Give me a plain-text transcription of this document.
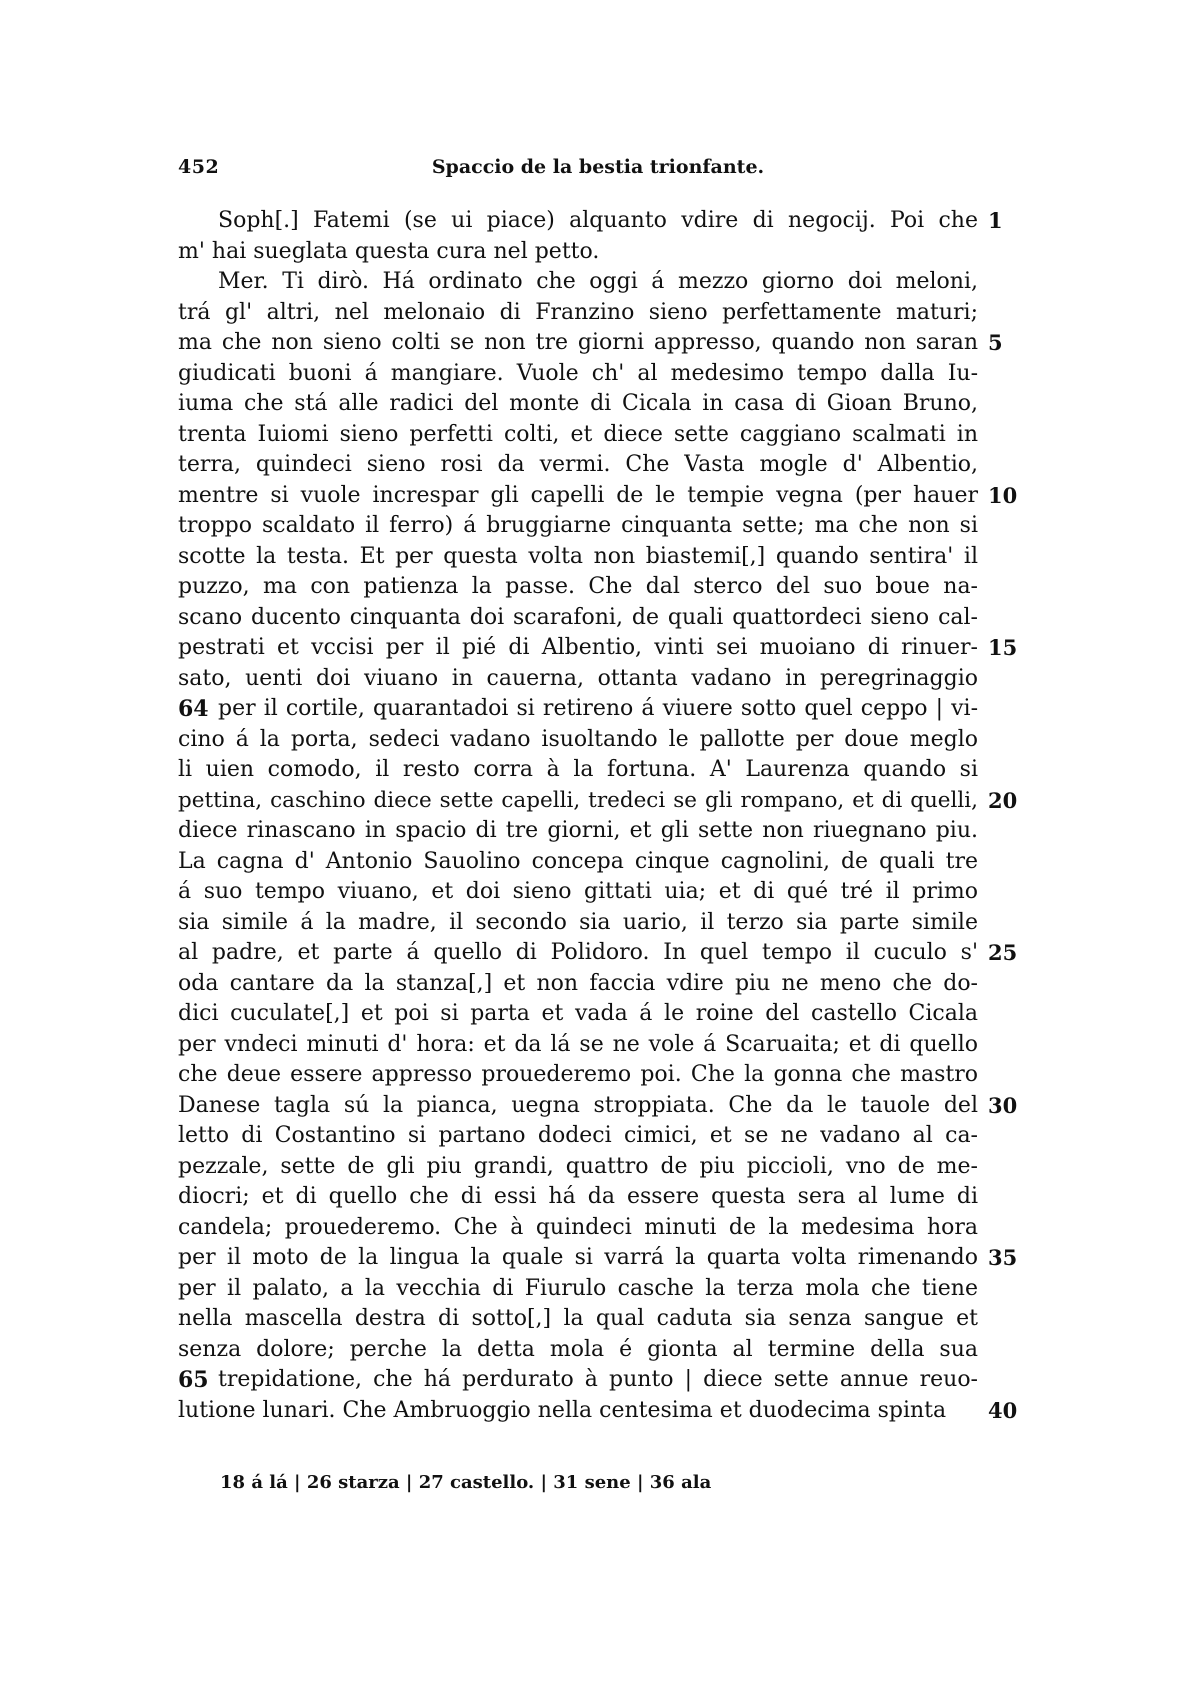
452	Spaccio de la bestia trionfante.
Soph[.] Fatemi (se ui piace) alquanto vdire di negocij. Poi che 1
m' hai sueglata questa cura nel petto.
Mer. Ti dirò. Há ordinato che oggi á mezzo giorno doi meloni,
trá gl' altri, nel melonaio di Franzino sieno perfettamente maturi;
ma che non sieno colti se non tre giorni appresso, quando non saran 5
giudicati buoni á mangiare. Vuole ch' al medesimo tempo dalla Iu-
iuma che stá alle radici del monte di Cicala in casa di Gioan Bruno,
trenta Iuiomi sieno perfetti colti, et diece sette caggiano scalmati in
terra, quindeci sieno rosi da vermi. Che Vasta mogle d' Albentio,
mentre si vuole increspar gli capelli de le tempie vegna (per hauer 10
troppo scaldato il ferro) á bruggiarne cinquanta sette; ma che non si
scotte la testa. Et per questa volta non biastemi[,] quando sentira' il
puzzo, ma con patienza la passe. Che dal sterco del suo boue na-
scano ducento cinquanta doi scarafoni, de quali quattordeci sieno cal-
pestrati et vccisi per il pié di Albentio, vinti sei muoiano di rinuer- 15
sato, uenti doi viuano in cauerna, ottanta vadano in peregrinaggio
64 per il cortile, quarantadoi si retireno á viuere sotto quel ceppo | vi-
cino á la porta, sedeci vadano isuoltando le pallotte per doue meglo
li uien comodo, il resto corra à la fortuna. A' Laurenza quando si
pettina, caschino diece sette capelli, tredeci se gli rompano, et di quelli, 20
diece rinascano in spacio di tre giorni, et gli sette non riuegnano piu.
La cagna d' Antonio Sauolino concepa cinque cagnolini, de quali tre
á suo tempo viuano, et doi sieno gittati uia; et di qué tré il primo
sia simile á la madre, il secondo sia uario, il terzo sia parte simile
al padre, et parte á quello di Polidoro. In quel tempo il cuculo s' 25
oda cantare da la stanza[,] et non faccia vdire piu ne meno che do-
dici cuculate[,] et poi si parta et vada á le roine del castello Cicala
per vndeci minuti d' hora: et da lá se ne vole á Scaruaita; et di quello
che deue essere appresso prouederemo poi. Che la gonna che mastro
Danese tagla sú la pianca, uegna stroppiata. Che da le tauole del 30
letto di Costantino si partano dodeci cimici, et se ne vadano al ca-
pezzale, sette de gli piu grandi, quattro de piu piccioli, vno de me-
diocri; et di quello che di essi há da essere questa sera al lume di
candela; prouederemo. Che à quindeci minuti de la medesima hora
per il moto de la lingua la quale si varrá la quarta volta rimenando 35
per il palato, a la vecchia di Fiurulo casche la terza mola che tiene
nella mascella destra di sotto[,] la qual caduta sia senza sangue et
senza dolore; perche la detta mola é gionta al termine della sua
65 trepidatione, che há perdurato à punto | diece sette annue reuo-
lutione lunari. Che Ambruoggio nella centesima et duodecima spinta 40
18 á lá | 26 starza | 27 castello. | 31 sene | 36 ala
